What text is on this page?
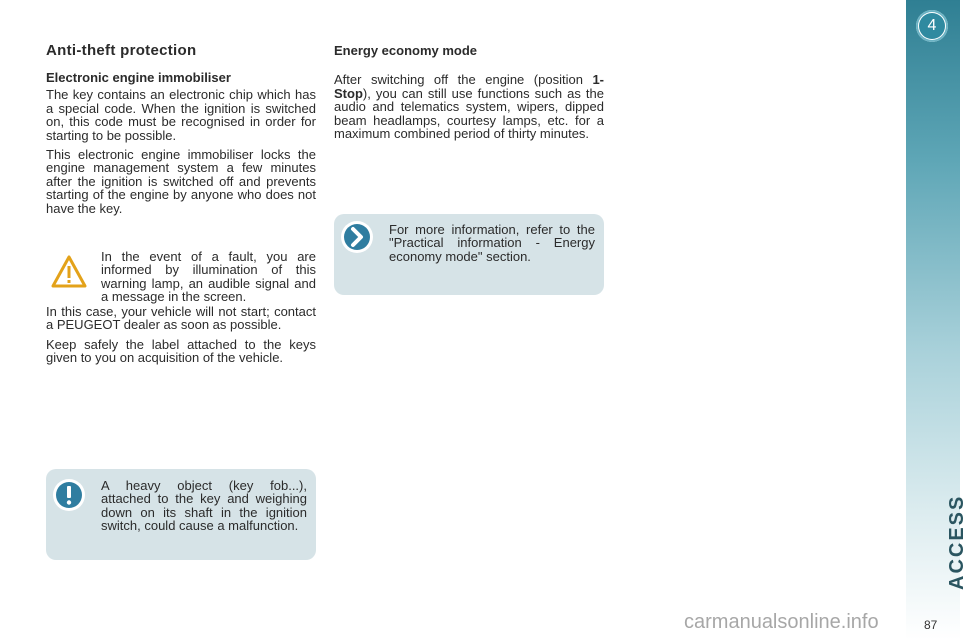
4
ACCESS
87
Anti-theft protection
Electronic engine immobiliser

The key contains an electronic chip which has a special code. When the ignition is switched on, this code must be recognised in order for starting to be possible.

This electronic engine immobiliser locks the engine management system a few minutes after the ignition is switched off and prevents starting of the engine by anyone who does not have the key.

In the event of a fault, you are informed by illumination of this warning lamp, an audible signal and a message in the screen.

In this case, your vehicle will not start; contact a PEUGEOT dealer as soon as possible.

Keep safely the label attached to the keys given to you on acquisition of the vehicle.

A heavy object (key fob...), attached to the key and weighing down on its shaft in the ignition switch, could cause a malfunction.
Energy economy mode

After switching off the engine (position 1-Stop), you can still use functions such as the audio and telematics system, wipers, dipped beam headlamps, courtesy lamps, etc. for a maximum combined period of thirty minutes.

For more information, refer to the "Practical information - Energy economy mode" section.
carmanualsonline.info
